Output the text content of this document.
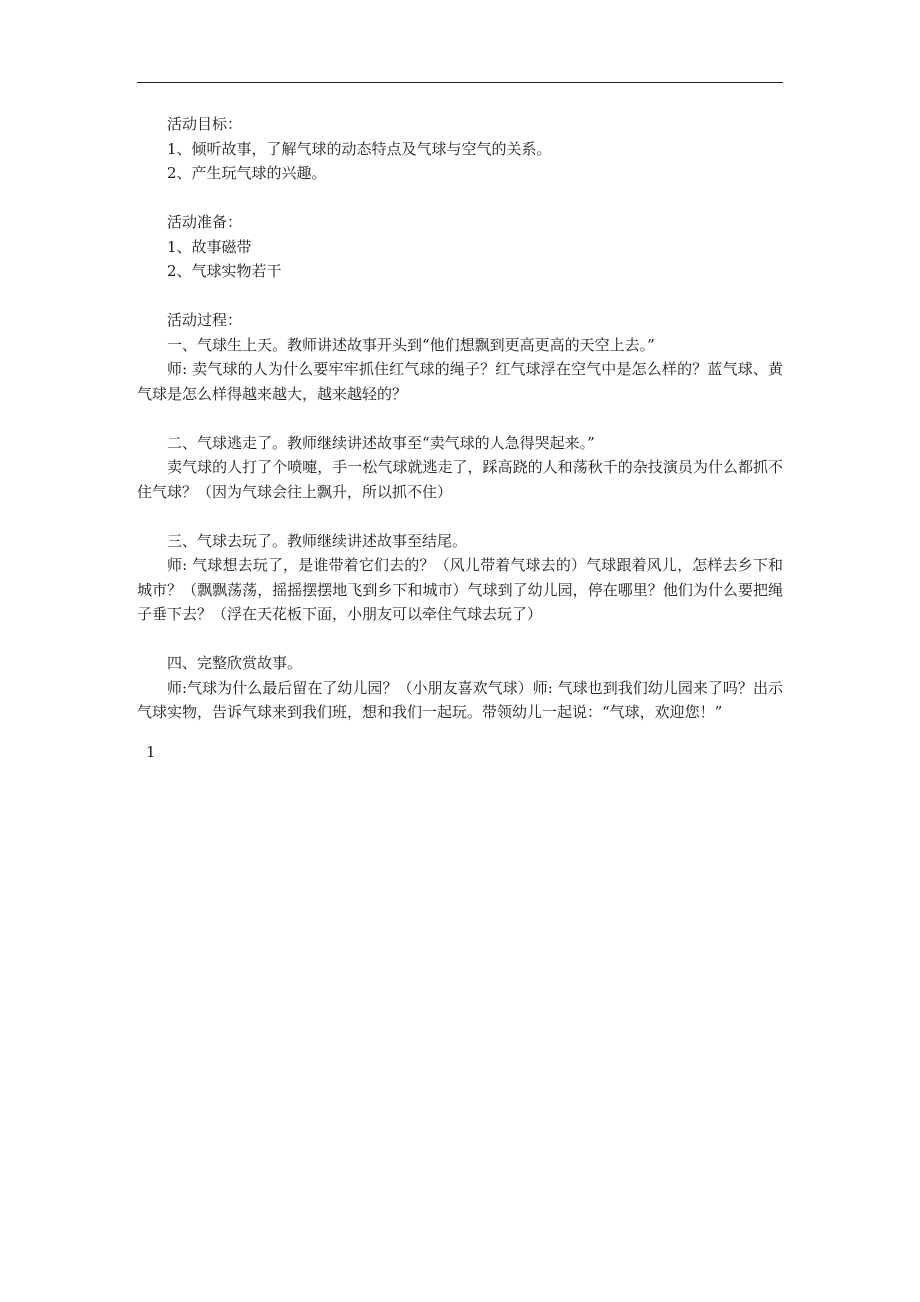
活动目标：

1、倾听故事，了解气球的动态特点及气球与空气的关系。

2、产生玩气球的兴趣。

活动准备：

1、故事磁带

2、气球实物若干

活动过程：

一、气球生上天。教师讲述故事开头到“他们想飘到更高更高的天空上去。”

师: 卖气球的人为什么要牢牢抓住红气球的绳子？红气球浮在空气中是怎么样的？蓝气球、黄气球是怎么样得越来越大，越来越轻的？

二、气球逃走了。教师继续讲述故事至“卖气球的人急得哭起来。”

卖气球的人打了个喷嚏，手一松气球就逃走了，踩高跷的人和荡秋千的杂技演员为什么都抓不住气球？（因为气球会往上飘升，所以抓不住）

三、气球去玩了。教师继续讲述故事至结尾。

师: 气球想去玩了，是谁带着它们去的？（风儿带着气球去的）气球跟着风儿，怎样去乡下和城市？（飘飘荡荡，摇摇摆摆地飞到乡下和城市）气球到了幼儿园，停在哪里？他们为什么要把绳子垂下去？（浮在天花板下面，小朋友可以牵住气球去玩了）

四、完整欣赏故事。

师:气球为什么最后留在了幼儿园？（小朋友喜欢气球）师: 气球也到我们幼儿园来了吗？出示气球实物，告诉气球来到我们班，想和我们一起玩。带领幼儿一起说：“气球，欢迎您！”

1
